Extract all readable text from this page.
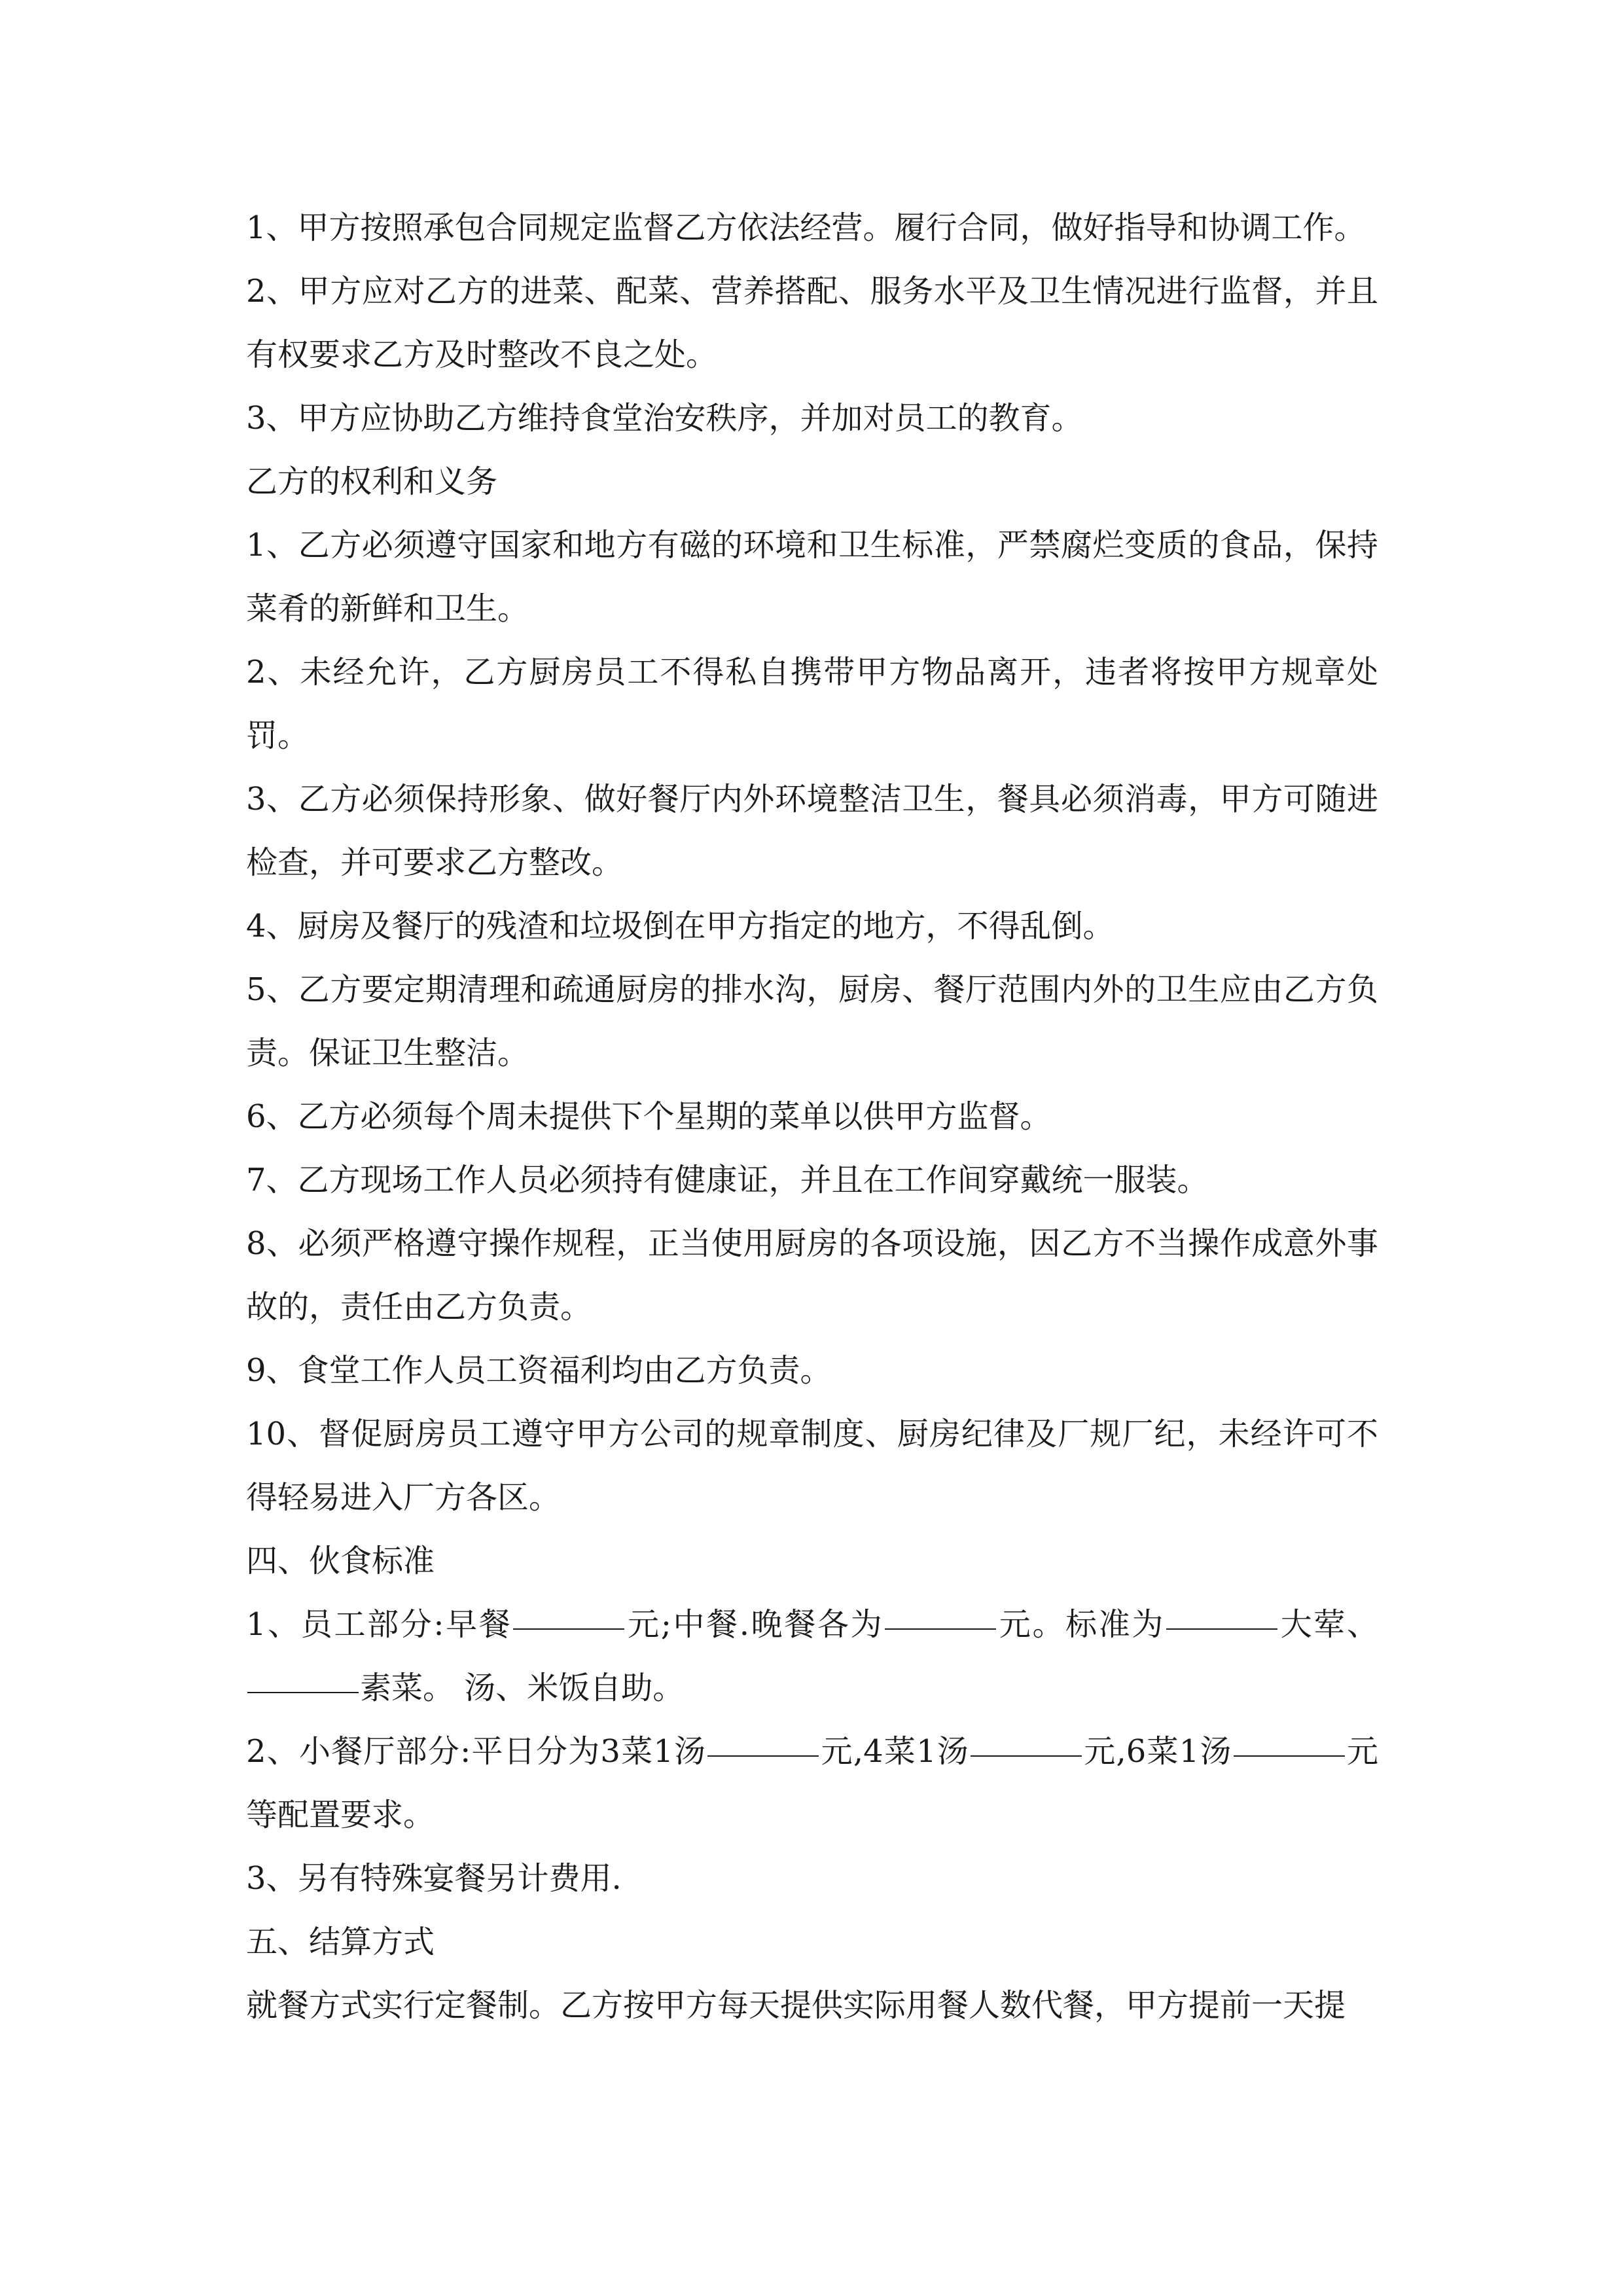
1、甲方按照承包合同规定监督乙方依法经营。履行合同，做好指导和协调工作。

2、甲方应对乙方的进菜、配菜、营养搭配、服务水平及卫生情况进行监督，并且有权要求乙方及时整改不良之处。

3、甲方应协助乙方维持食堂治安秩序，并加对员工的教育。

乙方的权利和义务

1、乙方必须遵守国家和地方有磁的环境和卫生标准，严禁腐烂变质的食品，保持菜肴的新鲜和卫生。

2、未经允许，乙方厨房员工不得私自携带甲方物品离开，违者将按甲方规章处罚。

3、乙方必须保持形象、做好餐厅内外环境整洁卫生，餐具必须消毒，甲方可随进检查，并可要求乙方整改。

4、厨房及餐厅的残渣和垃圾倒在甲方指定的地方，不得乱倒。

5、乙方要定期清理和疏通厨房的排水沟，厨房、餐厅范围内外的卫生应由乙方负责。保证卫生整洁。

6、乙方必须每个周未提供下个星期的菜单以供甲方监督。

7、乙方现场工作人员必须持有健康证，并且在工作间穿戴统一服装。

8、必须严格遵守操作规程，正当使用厨房的各项设施，因乙方不当操作成意外事故的，责任由乙方负责。

9、食堂工作人员工资福利均由乙方负责。

10、督促厨房员工遵守甲方公司的规章制度、厨房纪律及厂规厂纪，未经许可不得轻易进入厂方各区。

四、伙食标准

1、员工部分:早餐	元;中餐.晚餐各为	元。标准为	大荤、素菜。 汤、米饭自助。

2、小餐厅部分:平日分为3菜1汤	元,4菜1汤	元,6菜1汤	元等配置要求。

3、另有特殊宴餐另计费用.

五、结算方式

就餐方式实行定餐制。乙方按甲方每天提供实际用餐人数代餐，甲方提前一天提
